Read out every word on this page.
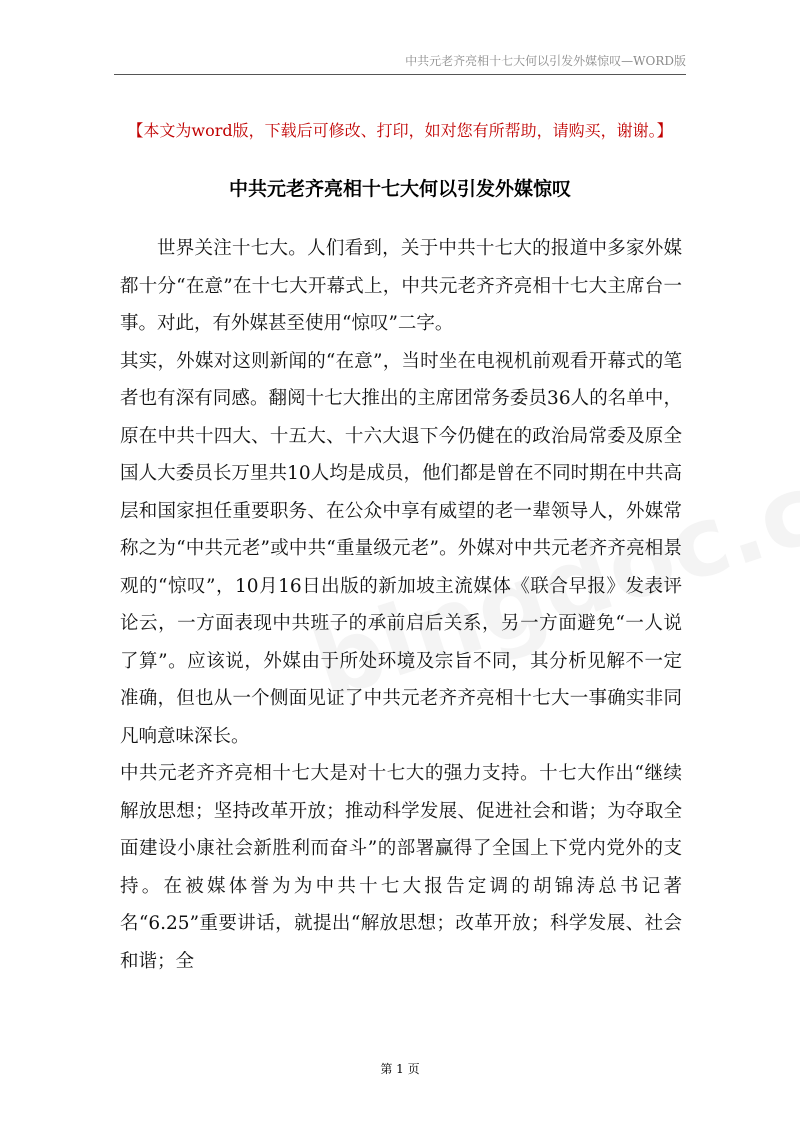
中共元老齐亮相十七大何以引发外媒惊叹—WORD版
【本文为word版，下载后可修改、打印，如对您有所帮助，请购买，谢谢。】
中共元老齐亮相十七大何以引发外媒惊叹

世界关注十七大。人们看到，关于中共十七大的报道中多家外媒都十分“在意”在十七大开幕式上，中共元老齐齐亮相十七大主席台一事。对此，有外媒甚至使用“惊叹”二字。

其实，外媒对这则新闻的“在意”，当时坐在电视机前观看开幕式的笔者也有深有同感。翻阅十七大推出的主席团常务委员36人的名单中，原在中共十四大、十五大、十六大退下今仍健在的政治局常委及原全国人大委员长万里共10人均是成员，他们都是曾在不同时期在中共高层和国家担任重要职务、在公众中享有威望的老一辈领导人，外媒常称之为“中共元老”或中共“重量级元老”。外媒对中共元老齐齐亮相景观的“惊叹”，10月16日出版的新加坡主流媒体《联合早报》发表评论云，一方面表现中共班子的承前启后关系，另一方面避免“一人说了算”。应该说，外媒由于所处环境及宗旨不同，其分析见解不一定准确，但也从一个侧面见证了中共元老齐齐亮相十七大一事确实非同凡响意味深长。

中共元老齐齐亮相十七大是对十七大的强力支持。十七大作出“继续解放思想；坚持改革开放；推动科学发展、促进社会和谐；为夺取全面建设小康社会新胜利而奋斗”的部署赢得了全国上下党内党外的支持。在被媒体誉为为中共十七大报告定调的胡锦涛总书记著名“6.25”重要讲话，就提出“解放思想；改革开放；科学发展、社会和谐；全

第 1 页
